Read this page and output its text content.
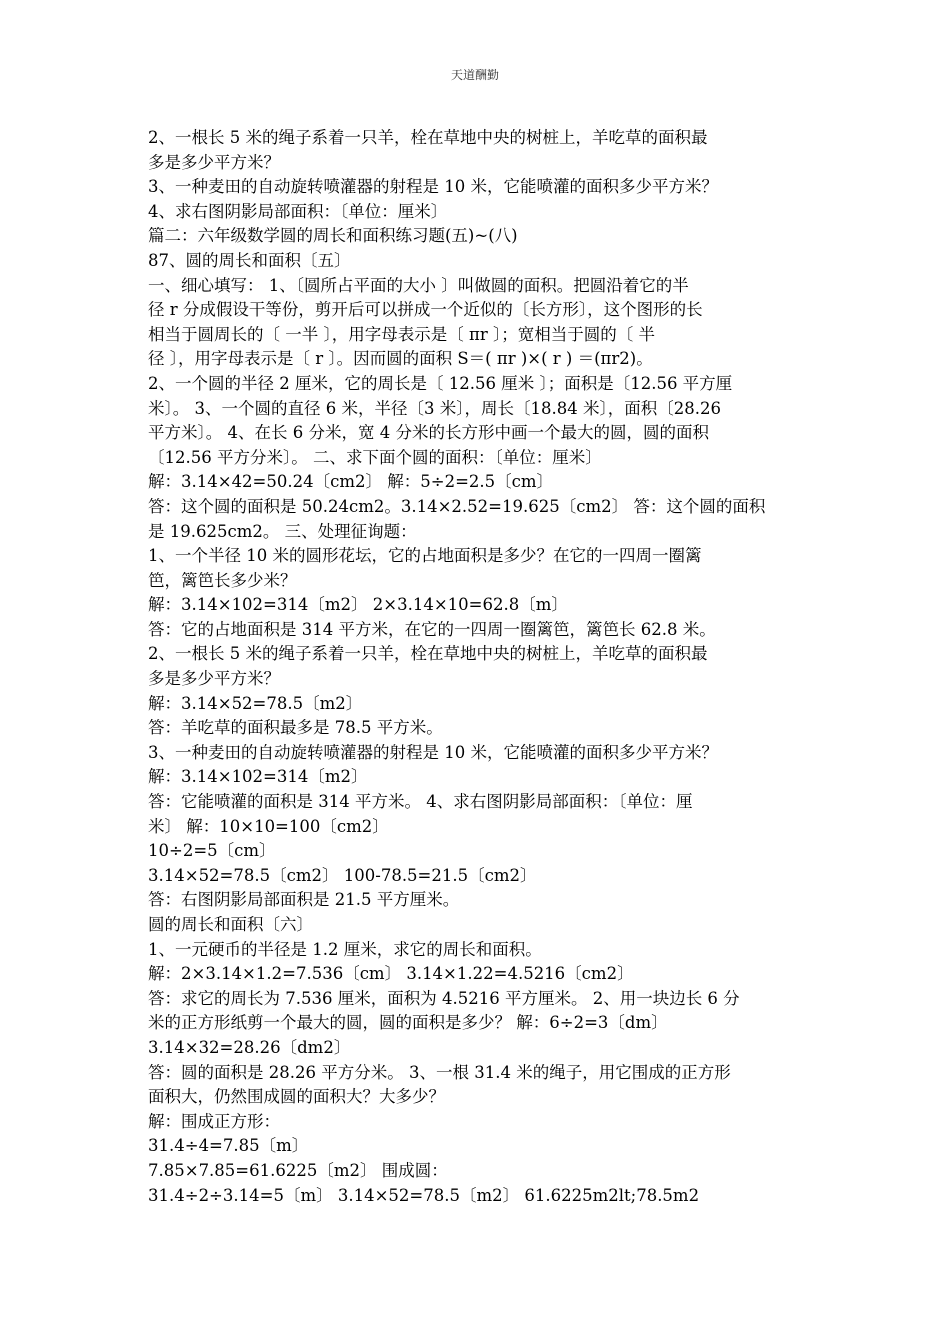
天道酬勤
2、一根长 5 米的绳子系着一只羊，栓在草地中央的树桩上，羊吃草的面积最
多是多少平方米？
3、一种麦田的自动旋转喷灌器的射程是 10 米，它能喷灌的面积多少平方米？
4、求右图阴影局部面积：〔单位：厘米〕
篇二：六年级数学圆的周长和面积练习题(五)~(八)
87、圆的周长和面积〔五〕
一、细心填写： 1、〔圆所占平面的大小 〕叫做圆的面积。把圆沿着它的半
径 r 分成假设干等份，剪开后可以拼成一个近似的〔长方形〕，这个图形的长
相当于圆周长的〔 一半 〕，用字母表示是〔 πr 〕；宽相当于圆的〔 半
径 〕，用字母表示是〔 r 〕。因而圆的面积 S＝( πr )×( r ) ＝(πr2)。
2、一个圆的半径 2 厘米，它的周长是〔 12.56 厘米 〕；面积是〔12.56 平方厘
米〕。 3、一个圆的直径 6 米，半径〔3 米〕，周长〔18.84 米〕，面积〔28.26
平方米〕。 4、在长 6 分米，宽 4 分米的长方形中画一个最大的圆，圆的面积
〔12.56 平方分米〕。 二、求下面个圆的面积：〔单位：厘米〕
解：3.14×42=50.24〔cm2〕 解：5÷2=2.5〔cm〕
答：这个圆的面积是 50.24cm2。3.14×2.52=19.625〔cm2〕 答：这个圆的面积
是 19.625cm2。 三、处理征询题：
1、一个半径 10 米的圆形花坛，它的占地面积是多少？在它的一四周一圈篱
笆，篱笆长多少米？
解：3.14×102=314〔m2〕 2×3.14×10=62.8〔m〕
答：它的占地面积是 314 平方米，在它的一四周一圈篱笆，篱笆长 62.8 米。
2、一根长 5 米的绳子系着一只羊，栓在草地中央的树桩上，羊吃草的面积最
多是多少平方米？
解：3.14×52=78.5〔m2〕
答：羊吃草的面积最多是 78.5 平方米。
3、一种麦田的自动旋转喷灌器的射程是 10 米，它能喷灌的面积多少平方米？
解：3.14×102=314〔m2〕
答：它能喷灌的面积是 314 平方米。 4、求右图阴影局部面积：〔单位：厘
米〕 解：10×10=100〔cm2〕
10÷2=5〔cm〕
3.14×52=78.5〔cm2〕 100-78.5=21.5〔cm2〕
答：右图阴影局部面积是 21.5 平方厘米。
圆的周长和面积〔六〕
1、一元硬币的半径是 1.2 厘米，求它的周长和面积。
解：2×3.14×1.2=7.536〔cm〕 3.14×1.22=4.5216〔cm2〕
答：求它的周长为 7.536 厘米，面积为 4.5216 平方厘米。 2、用一块边长 6 分
米的正方形纸剪一个最大的圆，圆的面积是多少？ 解：6÷2=3〔dm〕
3.14×32=28.26〔dm2〕
答：圆的面积是 28.26 平方分米。 3、一根 31.4 米的绳子，用它围成的正方形
面积大，仍然围成圆的面积大？大多少？
解：围成正方形：
31.4÷4=7.85〔m〕
7.85×7.85=61.6225〔m2〕 围成圆：
31.4÷2÷3.14=5〔m〕 3.14×52=78.5〔m2〕 61.6225m2lt;78.5m2
